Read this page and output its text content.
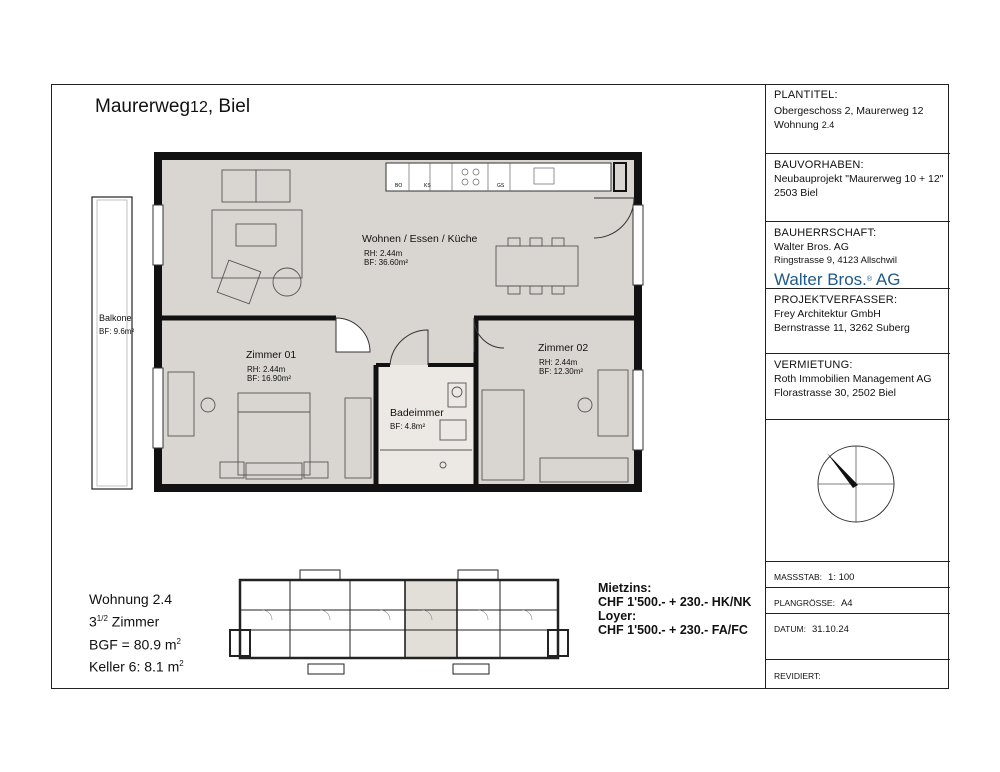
Maurerweg12, Biel
BO	KS	GS
Wohnen / Essen / Küche
RH: 2.44m
BF: 36.60m²
Zimmer 01
RH: 2.44m
BF: 16.90m²
Zimmer 02
RH: 2.44m
BF: 12.30m²
Badeimmer
BF: 4.8m²
Balkone
BF: 9.6m²
Wohnung 2.4
$3^{1/2}$ Zimmer
BGF = 80.9 $m^2$
Keller 6: 8.1 $m^2$
Mietzins:
CHF 1'500.- + 230.- HK/NK
Loyer:
CHF 1'500.- + 230.- FA/FC
PLANTITEL:
Obergeschoss 2, Maurerweg 12
Wohnung 2.4
BAUVORHABEN:
Neubauprojekt "Maurerweg 10 + 12"
2503 Biel
BAUHERRSCHAFT:
Walter Bros. AG
Ringstrasse 9, 4123 Allschwil
Walter Bros.® AG
PROJEKTVERFASSER:
Frey Architektur GmbH
Bernstrasse 11, 3262 Suberg
VERMIETUNG:
Roth Immobilien Management AG
Florastrasse 30, 2502 Biel
MASSSTAB: 1: 100
PLANGRÖSSE: A4
DATUM: 31.10.24
REVIDIERT:
